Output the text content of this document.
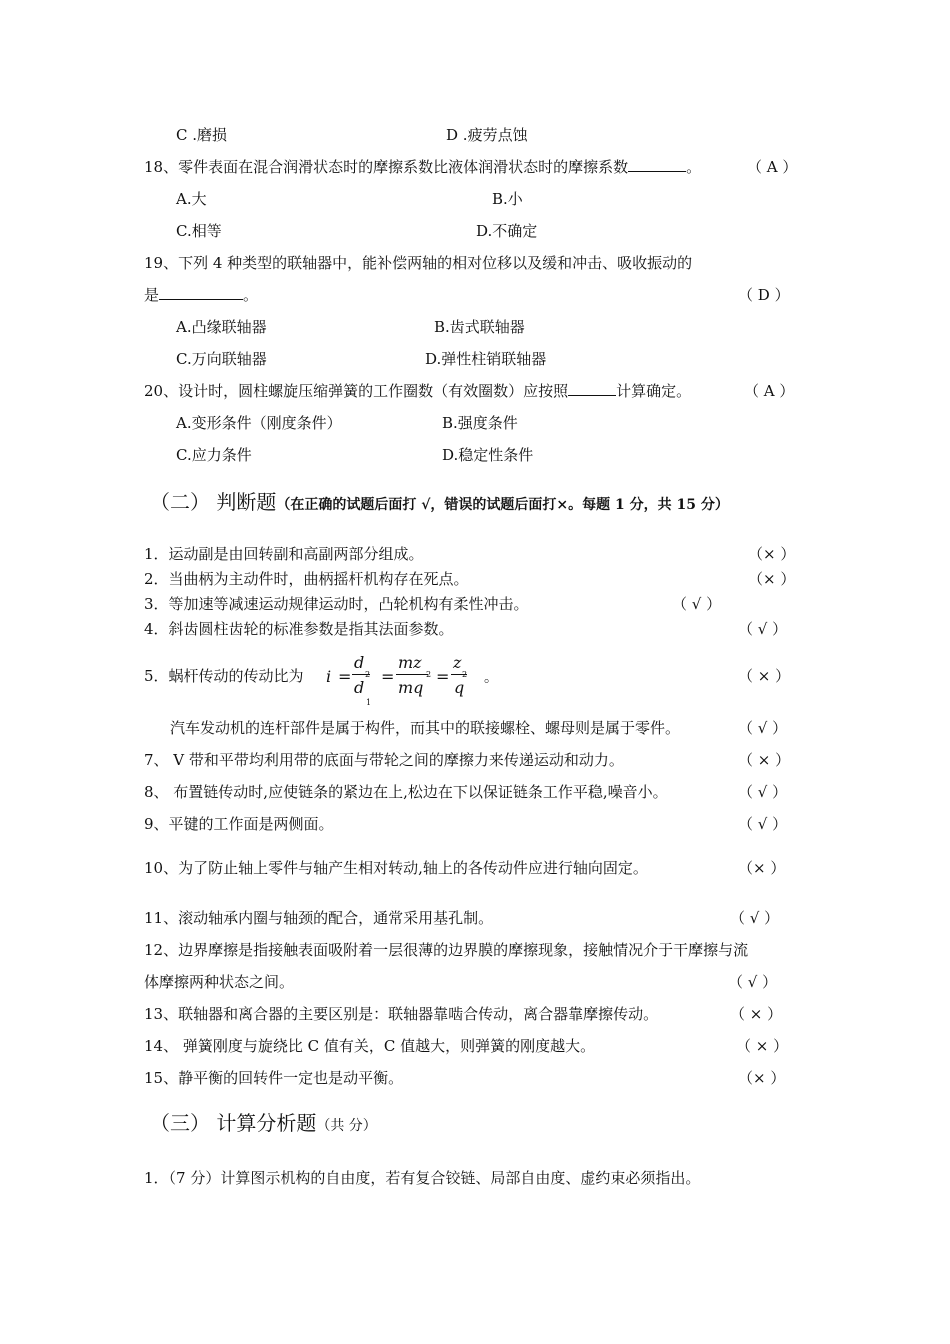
C .磨损	D .疲劳点蚀
18、零件表面在混合润滑状态时的摩擦系数比液体润滑状态时的摩擦系数	。	（ A ）
A.大	B.小
C.相等	D.不确定
19、下列 4 种类型的联轴器中，能补偿两轴的相对位移以及缓和冲击、吸收振动的
是	。	（ D ）
A.凸缘联轴器	B.齿式联轴器
C.万向联轴器	D.弹性柱销联轴器
20、设计时，圆柱螺旋压缩弹簧的工作圈数（有效圈数）应按照	计算确定。	（ A ）
A.变形条件（刚度条件）	B.强度条件
C.应力条件	D.稳定性条件
（二） 判断题（在正确的试题后面打 √，错误的试题后面打×。每题 1 分，共 15 分）
1．运动副是由回转副和高副两部分组成。	（× ）
2．当曲柄为主动件时，曲柄摇杆机构存在死点。	（× ）
3．等加速等减速运动规律运动时，凸轮机构有柔性冲击。	（ √ ）
4．斜齿圆柱齿轮的标准参数是指其法面参数。	（ √ ）
5．蜗杆传动的传动比为 i =
d
2
d
1
=
mz
2
mq
=
z
2
q 。	（ × ）
汽车发动机的连杆部件是属于构件，而其中的联接螺栓、螺母则是属于零件。	（ √ ）
7、 V 带和平带均利用带的底面与带轮之间的摩擦力来传递运动和动力。	（ × ）
8、 布置链传动时,应使链条的紧边在上,松边在下以保证链条工作平稳,噪音小。	（ √ ）
9、平键的工作面是两侧面。	（ √ ）
10、为了防止轴上零件与轴产生相对转动,轴上的各传动件应进行轴向固定。	（× ）
11、滚动轴承内圈与轴颈的配合，通常采用基孔制。	（ √ ）
12、边界摩擦是指接触表面吸附着一层很薄的边界膜的摩擦现象，接触情况介于干摩擦与流
体摩擦两种状态之间。	（ √ ）
13、联轴器和离合器的主要区别是：联轴器靠啮合传动，离合器靠摩擦传动。	（ × ）
14、 弹簧刚度与旋绕比 C 值有关，C 值越大，则弹簧的刚度越大。	（ × ）
15、静平衡的回转件一定也是动平衡。	（× ）
（三） 计算分析题（共 分）
1．（7 分）计算图示机构的自由度，若有复合铰链、局部自由度、虚约束必须指出。
